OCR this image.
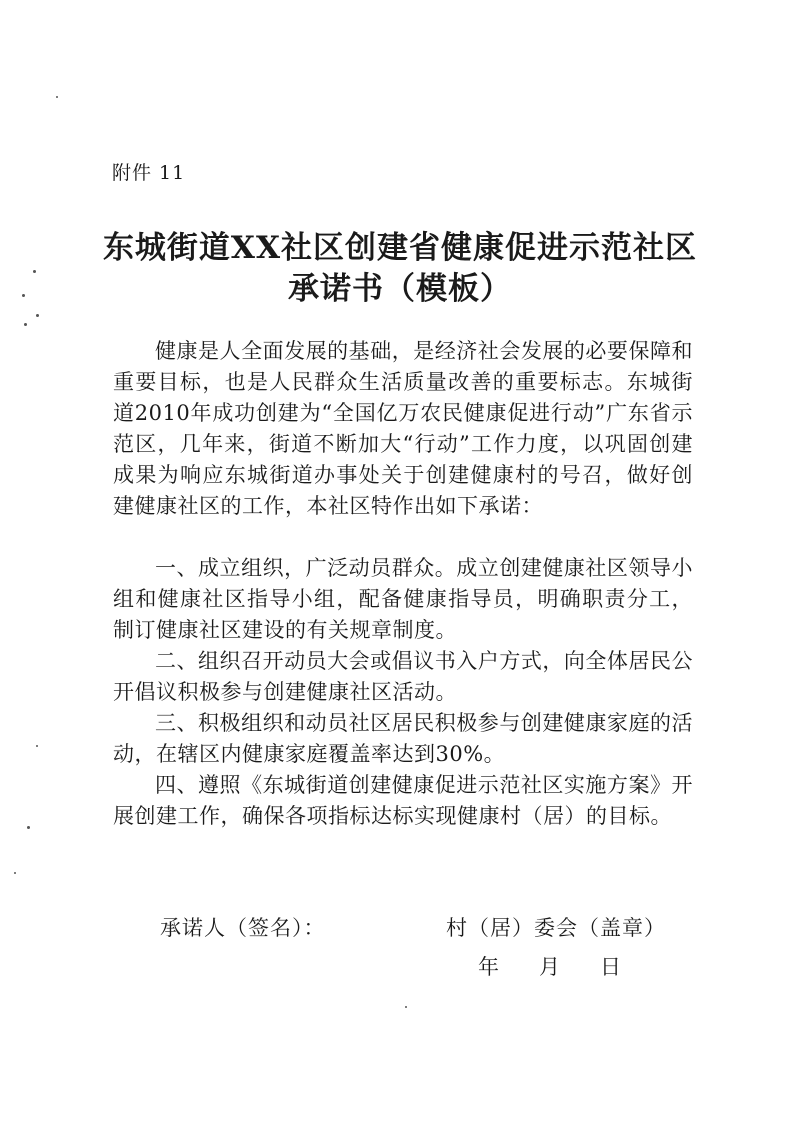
附件 11
东城街道XX社区创建省健康促进示范社区
承诺书（模板）

健康是人全面发展的基础，是经济社会发展的必要保障和重要目标，也是人民群众生活质量改善的重要标志。东城街道2010年成功创建为“全国亿万农民健康促进行动”广东省示范区，几年来，街道不断加大“行动”工作力度，以巩固创建成果为响应东城街道办事处关于创建健康村的号召，做好创建健康社区的工作，本社区特作出如下承诺：

一、成立组织，广泛动员群众。成立创建健康社区领导小组和健康社区指导小组，配备健康指导员，明确职责分工，制订健康社区建设的有关规章制度。

二、组织召开动员大会或倡议书入户方式，向全体居民公开倡议积极参与创建健康社区活动。

三、积极组织和动员社区居民积极参与创建健康家庭的活动，在辖区内健康家庭覆盖率达到30%。

四、遵照《东城街道创建健康促进示范社区实施方案》开展创建工作，确保各项指标达标实现健康村（居）的目标。

承诺人（签名）：	村（居）委会（盖章）
年 月 日
